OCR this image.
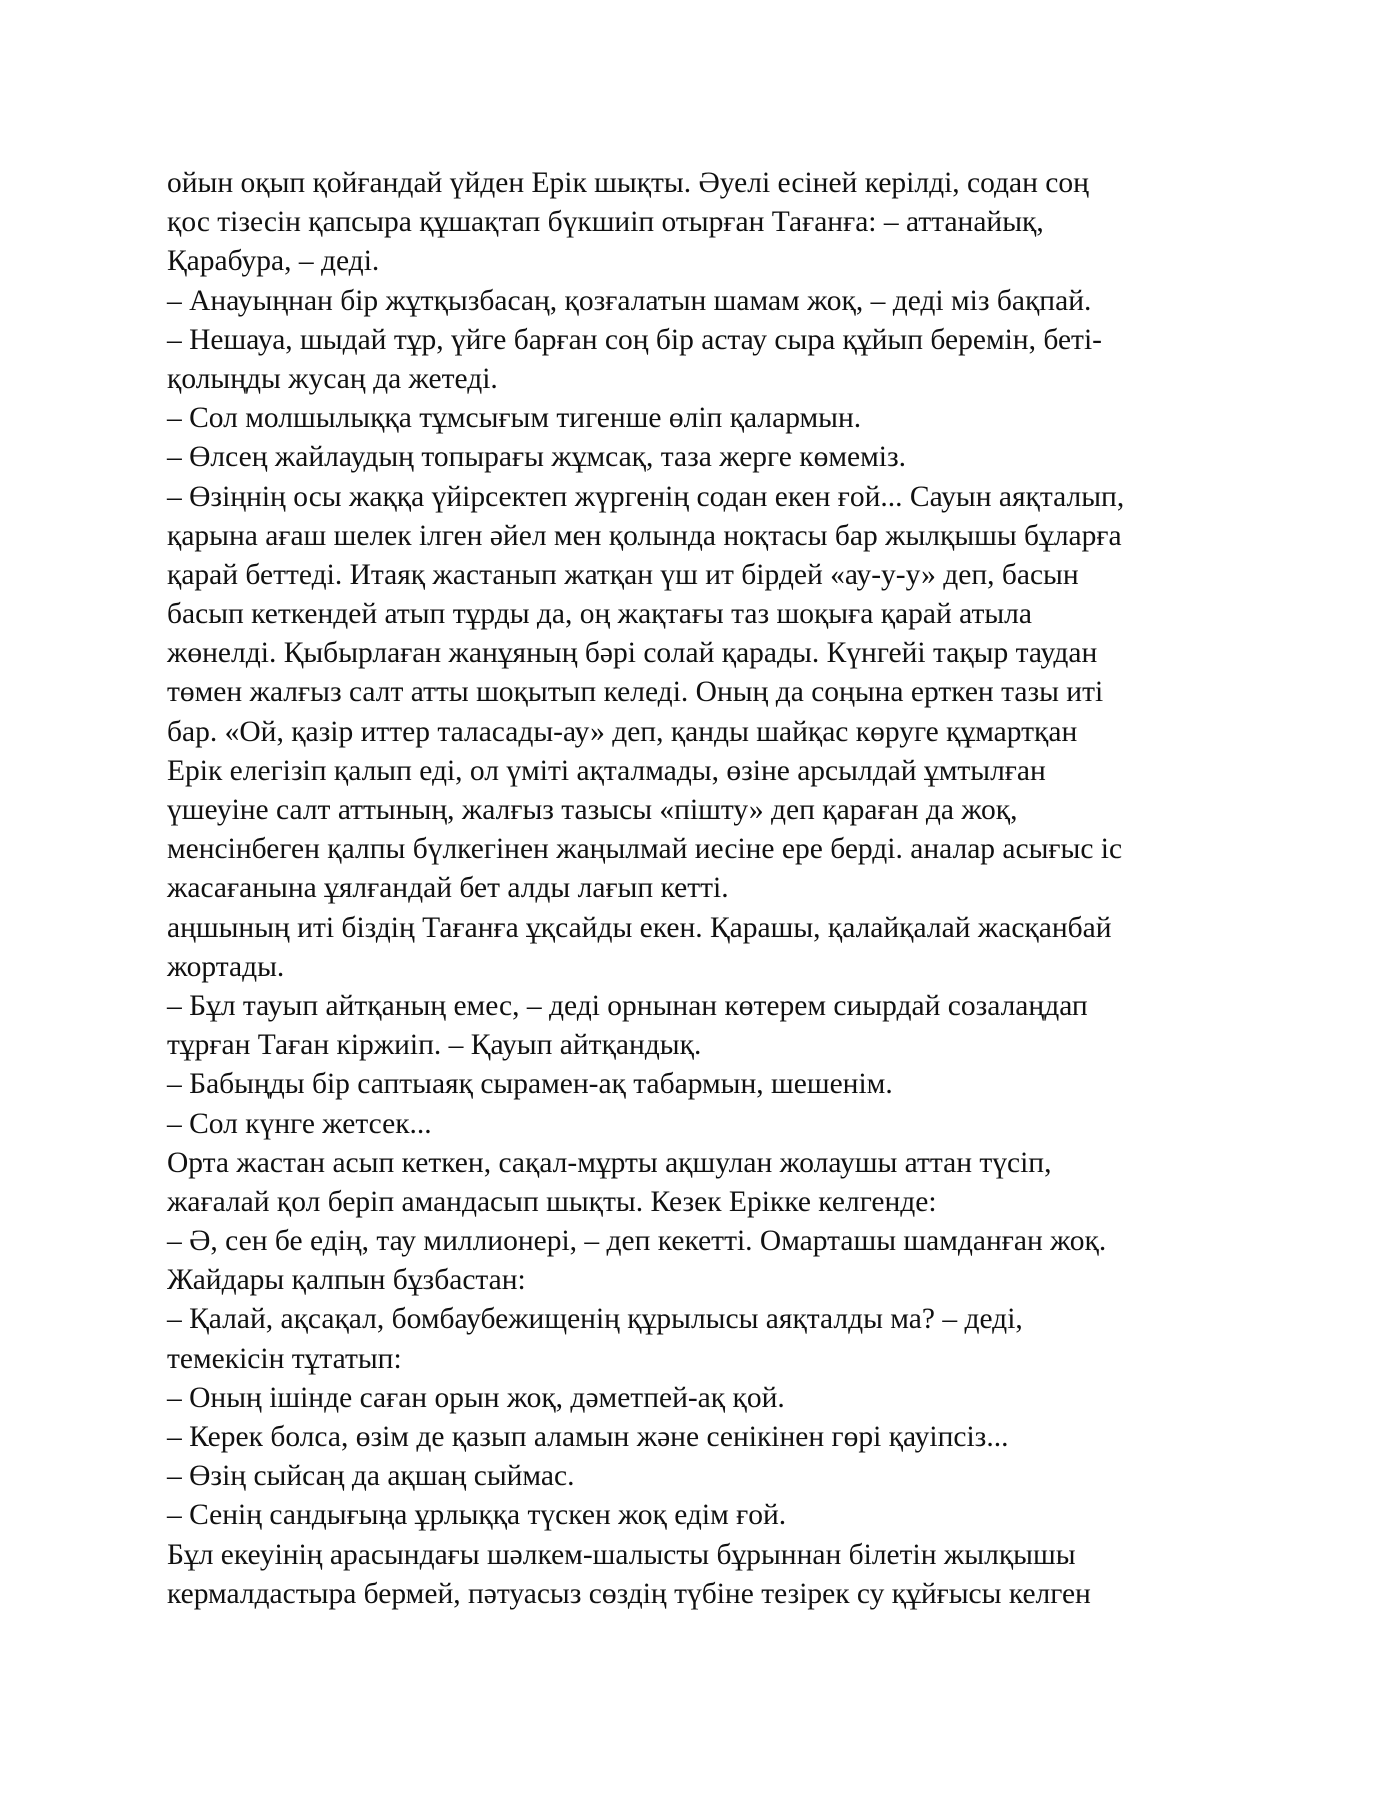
ойын оқып қойғандай үйден Ерік шықты. Әуелі есіней керілді, содан соң
қос тізесін қапсыра құшақтап бүкшиіп отырған Тағанға: – аттанайық,
Қарабура, – деді.
– Анауыңнан бір жұтқызбасаң, қозғалатын шамам жоқ, – деді міз бақпай.
– Нешауа, шыдай тұр, үйге барған соң бір астау сыра құйып беремін, беті-
қолыңды жусаң да жетеді.
– Сол молшылыққа тұмсығым тигенше өліп қалармын.
– Өлсең жайлаудың топырағы жұмсақ, таза жерге көмеміз.
– Өзіңнің осы жаққа үйірсектеп жүргенің содан екен ғой... Сауын аяқталып,
қарына ағаш шелек ілген әйел мен қолында ноқтасы бар жылқышы бұларға
қарай беттеді. Итаяқ жастанып жатқан үш ит бірдей «ау-у-у» деп, басын
басып кеткендей атып тұрды да, оң жақтағы таз шоқыға қарай атыла
жөнелді. Қыбырлаған жанұяның бәрі солай қарады. Күнгейі тақыр таудан
төмен жалғыз салт атты шоқытып келеді. Оның да соңына ерткен тазы иті
бар. «Ой, қазір иттер таласады-ау» деп, қанды шайқас көруге құмартқан
Ерік елегізіп қалып еді, ол үміті ақталмады, өзіне арсылдай ұмтылған
үшеуіне салт аттының, жалғыз тазысы «пішту» деп қараған да жоқ,
менсінбеген қалпы бүлкегінен жаңылмай иесіне ере берді. аналар асығыс іс
жасағанына ұялғандай бет алды лағып кетті.
аңшының иті біздің Тағанға ұқсайды екен. Қарашы, қалайқалай жасқанбай
жортады.
– Бұл тауып айтқаның емес, – деді орнынан көтерем сиырдай созалаңдап
тұрған Таған кіржиіп. – Қауып айтқандық.
– Бабыңды бір саптыаяқ сырамен-ақ табармын, шешенім.
– Сол күнге жетсек...
Орта жастан асып кеткен, сақал-мұрты ақшулан жолаушы аттан түсіп,
жағалай қол беріп амандасып шықты. Кезек Ерікке келгенде:
– Ә, сен бе едің, тау миллионері, – деп кекетті. Омарташы шамданған жоқ.
Жайдары қалпын бұзбастан:
– Қалай, ақсақал, бомбаубежищенің құрылысы аяқталды ма? – деді,
темекісін тұтатып:
– Оның ішінде саған орын жоқ, дәметпей-ақ қой.
– Керек болса, өзім де қазып аламын және сенікінен гөрі қауіпсіз...
– Өзің сыйсаң да ақшаң сыймас.
– Сенің сандығыңа ұрлыққа түскен жоқ едім ғой.
Бұл екеуінің арасындағы шәлкем-шалысты бұрыннан білетін жылқышы
кермалдастыра бермей, пәтуасыз сөздің түбіне тезірек су құйғысы келген
